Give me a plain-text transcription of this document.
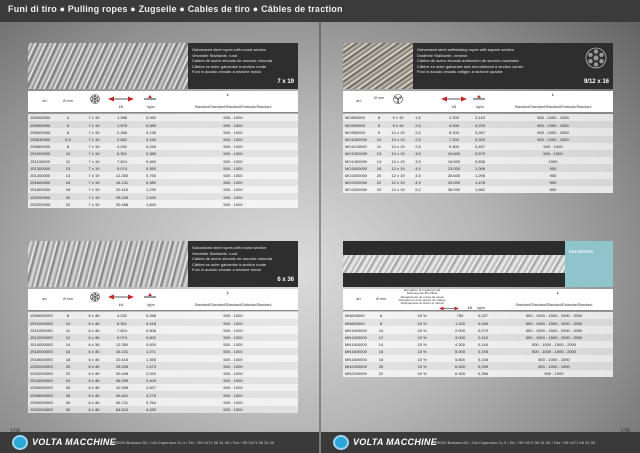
Funi di tiro ● Pulling ropes ● Zugseile ● Cables de tiro ● Câbles de traction
Galvanized steel ropes with round section
Verzinkte Stahlseile, rund
Cables de acero zincado de sección redonda
Câbles en acier galvanisé à section ronde
Funi in acciaio zincato a sezione tonda
7 x 19
art.	Ø mm
kN	kg/m
L
Standard/Standard/Standard/Estándar/Standard
JS0400000	4	7 x 19	1.086	0,060	500 - 1000
JS0500000	5	7 x 19	1.575	0,085	500 - 1000
JS0600000	6	7 x 19	2.268	0,135	500 - 1000
JS0630000	6,3	7 x 19	2.682	0,160	500 - 1000
JS0800000	8	7 x 19	4.032	0,245	500 - 1000
JS1000000	10	7 x 19	6.301	0,380	500 - 1000
JS1100000	11	7 x 19	7.624	0,460	500 - 1000
JS1300000	13	7 x 19	9.074	0,550	500 - 1000
JS1400000	14	7 x 19	12.350	0,750	500 - 1000
JS1600000	16	7 x 19	16.131	0,980	500 - 1000
JS1800000	18	7 x 19	20.416	1,230	500 - 1000
JS2000000	20	7 x 19	25.205	1,520	500 - 1000
JS2200000	22	7 x 19	30.488	1,840	500 - 1000
Galvanized steel ropes with round section
Verzinkte Stahlseile, rund
Cables de acero zincado de sección redonda
Câbles en acier galvanisé à section ronde
Funi in acciaio zincato a sezione tonda
6 x 36
art.	Ø mm
kN	kg/m
L
Standard/Standard/Standard/Estándar/Standard
JS0800000S	8	6 x 36	4.032	0,268	500 - 1000
JS1000000S	10	6 x 36	6.301	0,418	500 - 1000
JS1100000S	11	6 x 36	7.624	0,506	500 - 1000
JS1200000S	12	6 x 36	9.074	0,602	500 - 1000
JS1400000S	14	6 x 36	12.350	0,820	500 - 1000
JS1600000S	16	6 x 36	16.131	1,071	500 - 1000
JS1800000S	18	6 x 36	20.416	1,355	500 - 1000
JS2000000S	20	6 x 36	25.205	1,673	500 - 1000
JS2200000S	22	6 x 36	30.498	2,024	500 - 1000
JS2400000S	24	6 x 36	36.295	2,409	500 - 1000
JS2600000S	26	6 x 36	42.596	2,827	500 - 1000
JS2800000S	28	6 x 36	49.401	3,279	500 - 1000
JS3000000S	30	6 x 36	56.711	3,764	500 - 1000
JS3200000S	32	6 x 36	64.524	4,283	500 - 1000
Galvanized steel antitwisting ropes with square section
Drallfreie Stahlseile, verzinkt
Cables de acero zincado antitorsión de sección cuadrada
Câbles en acier galvanisé anti-enroulement à section carrée
Funi in acciaio zincato antigiro a sezione quadra
9/12 x 16
art.
Ø mm
kN	kg/m
L
Standard/Standard/Standard/Estándar/Standard
MO800000	8	9 x 19	1,5	2.200	0,110	500 - 1000 - 1500
MO900000	9	9 x 19	2,0	4.000	0,220	500 - 1000 - 1500
MO950000	9	12 x 19	2,0	5.100	0,267	500 - 1000 - 1500
MO1000000	10	12 x 19	2,3	7.200	0,320	500 - 1000 - 1500
MO1100000	11	12 x 19	2,5	9.400	0,457	500 - 1000
MO1300000	13	12 x 19	3,0	10.800	0,579	500 - 1000
MO1400000	14	12 x 19	3,3	16.500	0,836	1000
MO1800000	18	12 x 19	4,0	23.000	1,006	900
MO2000000	20	12 x 19	4,5	28.600	1,296	900
MO2200000	22	12 x 19	4,9	33.000	1,478	900
MO2400000	24	12 x 19	5,2	38.000	1,682	800
POLYESTER
art.	Ø mm
Elongation at breaking load
Dehnung bei Bruchlast
Alargamiento de rotura de carga
Allongement à la rupture de charge
Allungamento al carico di rottura
kN	kg/m
L
Standard/Standard/Standard/Estándar/Standard
MN600000	6	15 %	750	0,027	500 - 1000 - 1500 - 2000 - 3000
MN800000	8	15 %	1.200	0,045	500 - 1000 - 1500 - 2000 - 3000
MN1000000	10	15 %	2.000	0,073	500 - 1000 - 1500 - 2000 - 3000
MN1200000	12	15 %	3.000	0,115	500 - 1000 - 1500 - 2000 - 3000
MN1400000	14	15 %	4.300	0,144	500 - 1000 - 1500 - 2000
MN1600000	16	15 %	5.000	0,195	500 - 1000 - 1500 - 2000
MN1800000	18	15 %	5.800	0,248	500 - 1000 - 1500
MN2000000	20	15 %	6.000	0,295	500 - 1000 - 1500
MN2200000	22	15 %	6.300	0,356	500 - 1000
VOLTA MACCHINE
I-39100 Bolzano BZ • Via Copernico 11-4 • Tel. +39 0471 56 31 00 • Fax +39 0471 56 31 00	VOLTA MACCHINE
I-39100 Bolzano BZ • Via Copernico 11-4 • Tel. +39 0471 56 31 00 • Fax +39 0471 56 31 00
